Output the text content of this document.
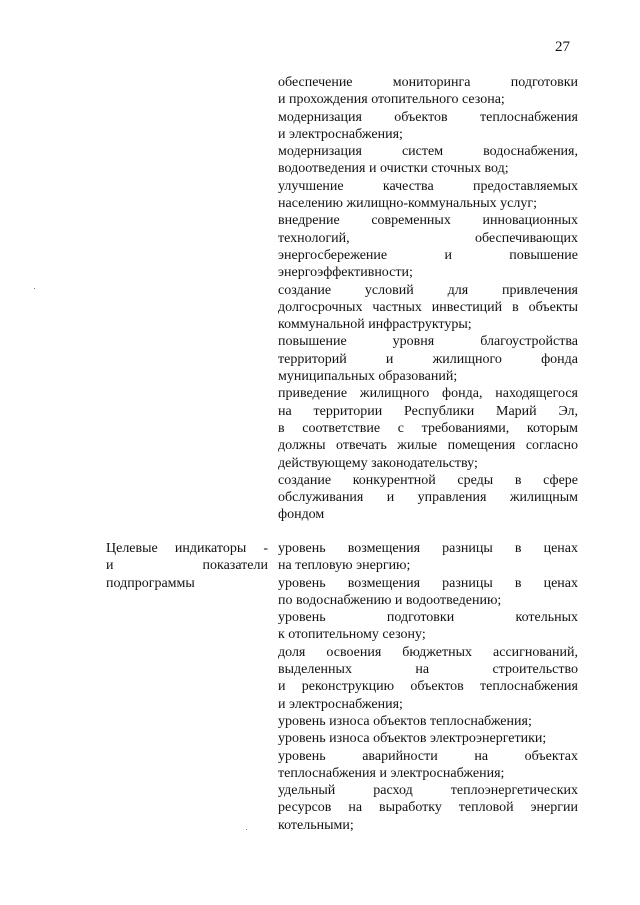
27

обеспечение мониторинга подготовки

и прохождения отопительного сезона;

модернизация объектов теплоснабжения

и электроснабжения;

модернизация систем водоснабжения,

водоотведения и очистки сточных вод;

улучшение качества предоставляемых

населению жилищно-коммунальных услуг;

внедрение современных инновационных

технологий, обеспечивающих

энергосбережение и повышение

энергоэффективности;

создание условий для привлечения

долгосрочных частных инвестиций в объекты

коммунальной инфраструктуры;

повышение уровня благоустройства

территорий и жилищного фонда

муниципальных образований;

приведение жилищного фонда, находящегося

на территории Республики Марий Эл,

в соответствие с требованиями, которым

должны отвечать жилые помещения согласно

действующему законодательству;

создание конкурентной среды в сфере

обслуживания и управления жилищным

фондом

Целевые индикаторы -

и показатели

подпрограммы

уровень возмещения разницы в ценах

на тепловую энергию;

уровень возмещения разницы в ценах

по водоснабжению и водоотведению;

уровень подготовки котельных

к отопительному сезону;

доля освоения бюджетных ассигнований,

выделенных на строительство

и реконструкцию объектов теплоснабжения

и электроснабжения;

уровень износа объектов теплоснабжения;

уровень износа объектов электроэнергетики;

уровень аварийности на объектах

теплоснабжения и электроснабжения;

удельный расход теплоэнергетических

ресурсов на выработку тепловой энергии

котельными;
